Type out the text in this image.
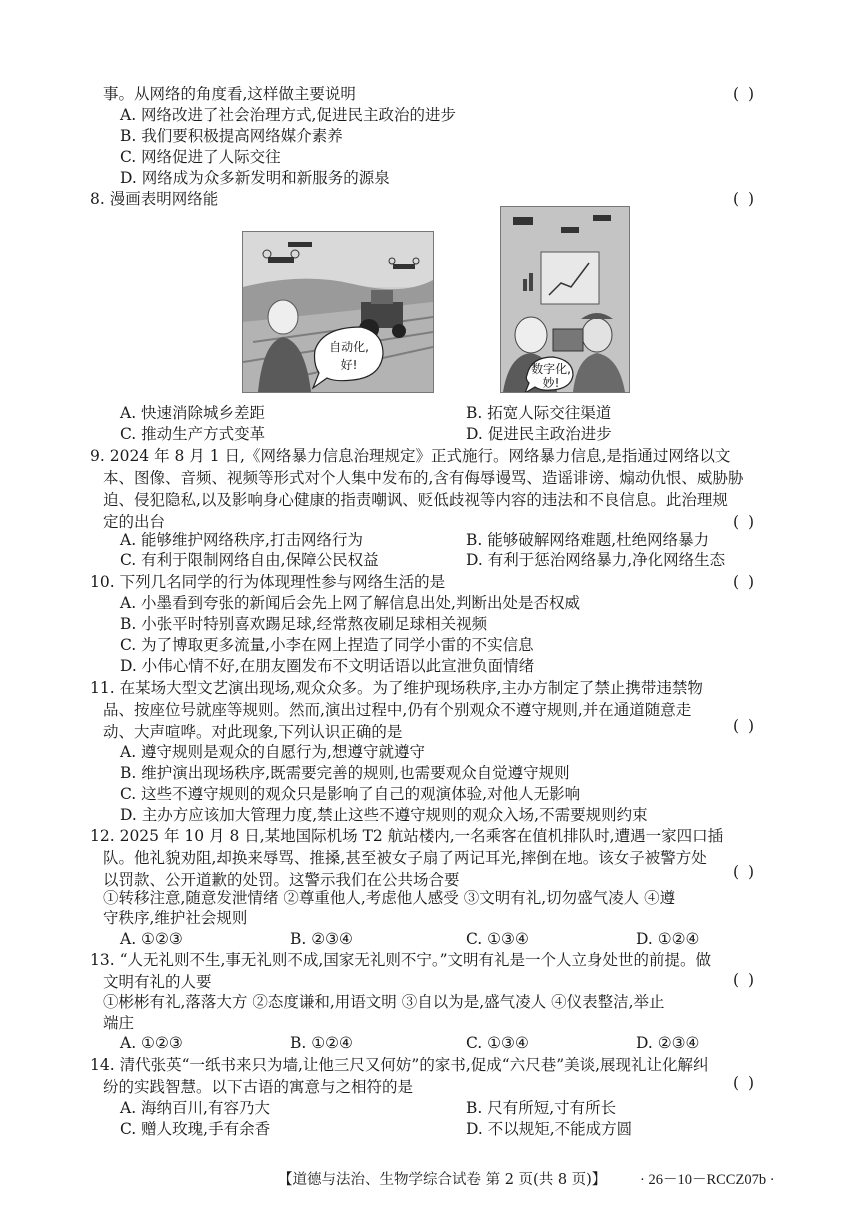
事。从网络的角度看,这样做主要说明	( )
A. 网络改进了社会治理方式,促进民主政治的进步
B. 我们要积极提高网络媒介素养
C. 网络促进了人际交往
D. 网络成为众多新发明和新服务的源泉
8. 漫画表明网络能	( )
自动化,
好!	数字化,
妙!
A. 快速消除城乡差距	B. 拓宽人际交往渠道
C. 推动生产方式变革	D. 促进民主政治进步
9. 2024 年 8 月 1 日,《网络暴力信息治理规定》正式施行。网络暴力信息,是指通过网络以文
本、图像、音频、视频等形式对个人集中发布的,含有侮辱谩骂、造谣诽谤、煽动仇恨、威胁胁
迫、侵犯隐私,以及影响身心健康的指责嘲讽、贬低歧视等内容的违法和不良信息。此治理规
定的出台	( )
A. 能够维护网络秩序,打击网络行为	B. 能够破解网络难题,杜绝网络暴力
C. 有利于限制网络自由,保障公民权益	D. 有利于惩治网络暴力,净化网络生态
10. 下列几名同学的行为体现理性参与网络生活的是	( )
A. 小墨看到夸张的新闻后会先上网了解信息出处,判断出处是否权威
B. 小张平时特别喜欢踢足球,经常熬夜刷足球相关视频
C. 为了博取更多流量,小李在网上捏造了同学小雷的不实信息
D. 小伟心情不好,在朋友圈发布不文明话语以此宣泄负面情绪
11. 在某场大型文艺演出现场,观众众多。为了维护现场秩序,主办方制定了禁止携带违禁物
品、按座位号就座等规则。然而,演出过程中,仍有个别观众不遵守规则,并在通道随意走
动、大声喧哗。对此现象,下列认识正确的是	( )
A. 遵守规则是观众的自愿行为,想遵守就遵守
B. 维护演出现场秩序,既需要完善的规则,也需要观众自觉遵守规则
C. 这些不遵守规则的观众只是影响了自己的观演体验,对他人无影响
D. 主办方应该加大管理力度,禁止这些不遵守规则的观众入场,不需要规则约束
12. 2025 年 10 月 8 日,某地国际机场 T2 航站楼内,一名乘客在值机排队时,遭遇一家四口插
队。他礼貌劝阻,却换来辱骂、推搡,甚至被女子扇了两记耳光,摔倒在地。该女子被警方处
以罚款、公开道歉的处罚。这警示我们在公共场合要	( )
①转移注意,随意发泄情绪 ②尊重他人,考虑他人感受 ③文明有礼,切勿盛气凌人 ④遵
守秩序,维护社会规则
A. ①②③	B. ②③④	C. ①③④	D. ①②④
13. “人无礼则不生,事无礼则不成,国家无礼则不宁。”文明有礼是一个人立身处世的前提。做
文明有礼的人要	( )
①彬彬有礼,落落大方 ②态度谦和,用语文明 ③自以为是,盛气凌人 ④仪表整洁,举止
端庄
A. ①②③	B. ①②④	C. ①③④	D. ②③④
14. 清代张英“一纸书来只为墙,让他三尺又何妨”的家书,促成“六尺巷”美谈,展现礼让化解纠
纷的实践智慧。以下古语的寓意与之相符的是	( )
A. 海纳百川,有容乃大	B. 尺有所短,寸有所长
C. 赠人玫瑰,手有余香	D. 不以规矩,不能成方圆
【道德与法治、生物学综合试卷 第 2 页(共 8 页)】 · 26－10－RCCZ07b ·
